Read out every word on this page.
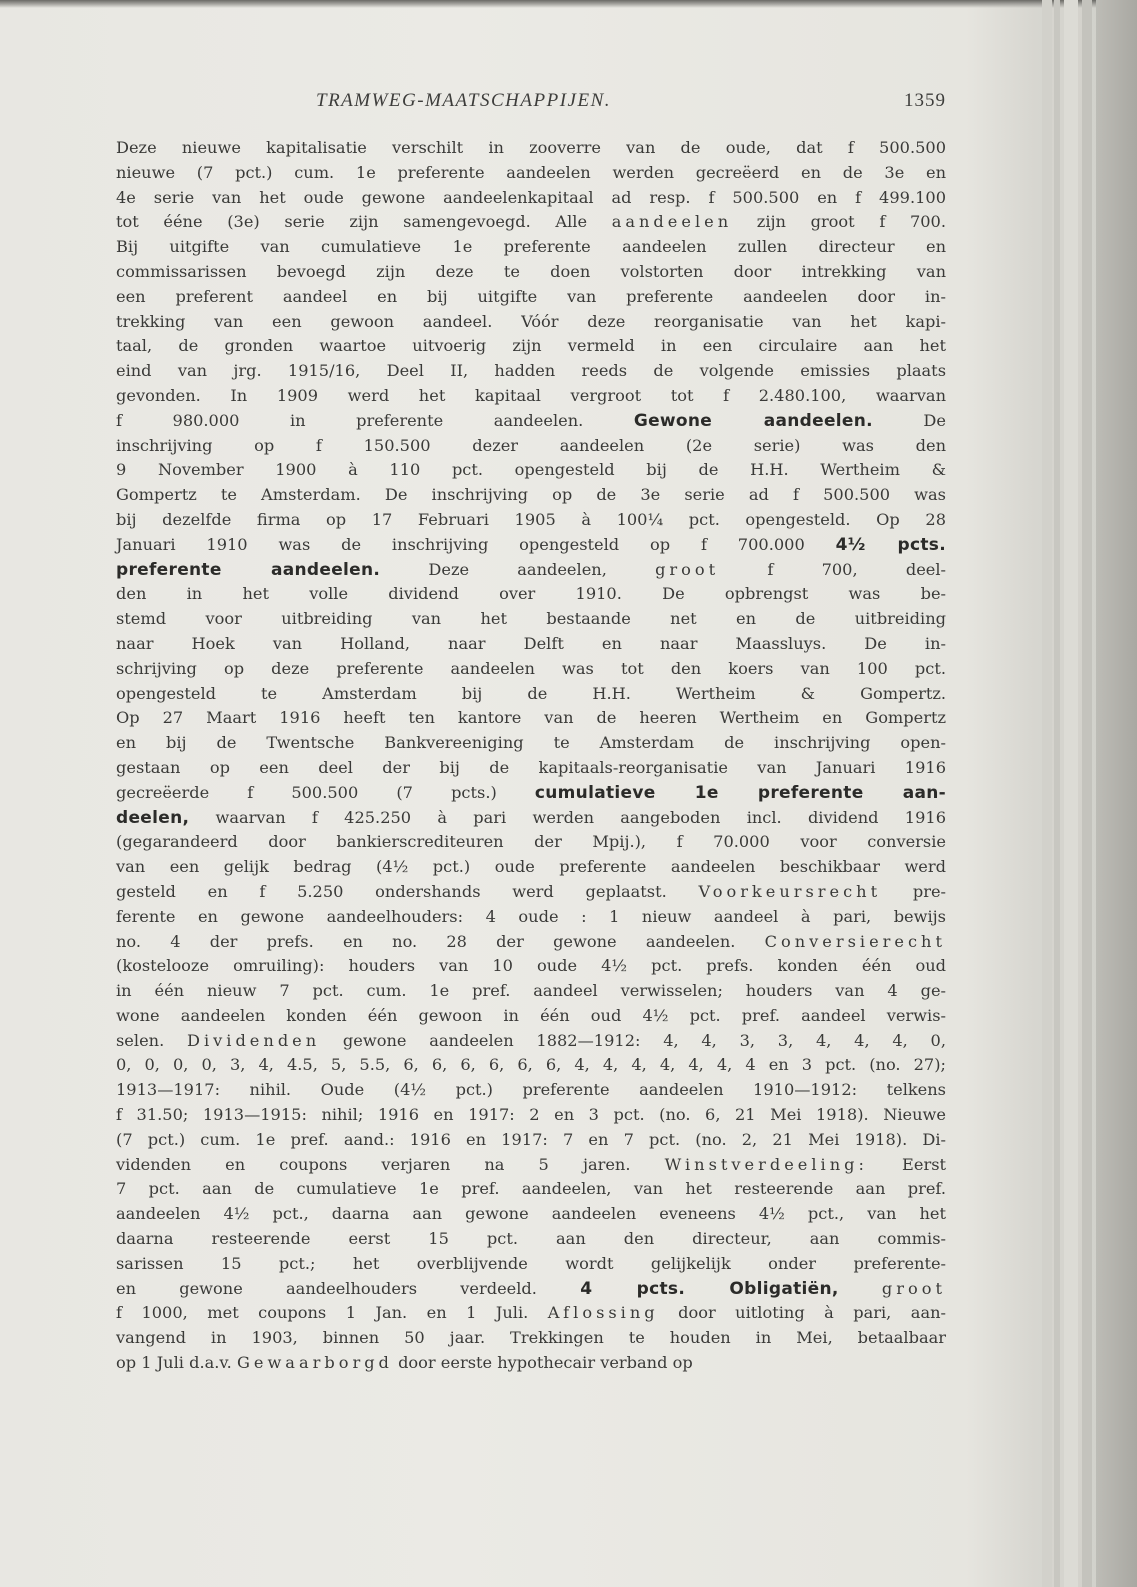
TRAMWEG-MAATSCHAPPIJEN.	1359
Deze nieuwe kapitalisatie verschilt in zooverre van de oude, dat f 500.500
nieuwe (7 pct.) cum. 1e preferente aandeelen werden gecreëerd en de 3e en
4e serie van het oude gewone aandeelenkapitaal ad resp. f 500.500 en f 499.100
tot ééne (3e) serie zijn samengevoegd. Alle aandeelen zijn groot f 700.
Bij uitgifte van cumulatieve 1e preferente aandeelen zullen directeur en
commissarissen bevoegd zijn deze te doen volstorten door intrekking van
een preferent aandeel en bij uitgifte van preferente aandeelen door in-
trekking van een gewoon aandeel. Vóór deze reorganisatie van het kapi-
taal, de gronden waartoe uitvoerig zijn vermeld in een circulaire aan het
eind van jrg. 1915/16, Deel II, hadden reeds de volgende emissies plaats
gevonden. In 1909 werd het kapitaal vergroot tot f 2.480.100, waarvan
f 980.000 in preferente aandeelen. Gewone aandeelen. De
inschrijving op f 150.500 dezer aandeelen (2e serie) was den
9 November 1900 à 110 pct. opengesteld bij de H.H. Wertheim &
Gompertz te Amsterdam. De inschrijving op de 3e serie ad f 500.500 was
bij dezelfde firma op 17 Februari 1905 à 100¼ pct. opengesteld. Op 28
Januari 1910 was de inschrijving opengesteld op f 700.000 4½ pcts.
preferente aandeelen. Deze aandeelen, groot f 700, deel-
den in het volle dividend over 1910. De opbrengst was be-
stemd voor uitbreiding van het bestaande net en de uitbreiding
naar Hoek van Holland, naar Delft en naar Maassluys. De in-
schrijving op deze preferente aandeelen was tot den koers van 100 pct.
opengesteld te Amsterdam bij de H.H. Wertheim & Gompertz.
Op 27 Maart 1916 heeft ten kantore van de heeren Wertheim en Gompertz
en bij de Twentsche Bankvereeniging te Amsterdam de inschrijving open-
gestaan op een deel der bij de kapitaals-reorganisatie van Januari 1916
gecreëerde f 500.500 (7 pcts.) cumulatieve 1e preferente aan-
deelen, waarvan f 425.250 à pari werden aangeboden incl. dividend 1916
(gegarandeerd door bankierscrediteuren der Mpij.), f 70.000 voor conversie
van een gelijk bedrag (4½ pct.) oude preferente aandeelen beschikbaar werd
gesteld en f 5.250 ondershands werd geplaatst. Voorkeursrecht pre-
ferente en gewone aandeelhouders: 4 oude : 1 nieuw aandeel à pari, bewijs
no. 4 der prefs. en no. 28 der gewone aandeelen. Conversierecht
(kostelooze omruiling): houders van 10 oude 4½ pct. prefs. konden één oud
in één nieuw 7 pct. cum. 1e pref. aandeel verwisselen; houders van 4 ge-
wone aandeelen konden één gewoon in één oud 4½ pct. pref. aandeel verwis-
selen. Dividenden gewone aandeelen 1882—1912: 4, 4, 3, 3, 4, 4, 4, 0,
0, 0, 0, 0, 3, 4, 4.5, 5, 5.5, 6, 6, 6, 6, 6, 6, 4, 4, 4, 4, 4, 4, 4 en 3 pct. (no. 27);
1913—1917: nihil. Oude (4½ pct.) preferente aandeelen 1910—1912: telkens
f 31.50; 1913—1915: nihil; 1916 en 1917: 2 en 3 pct. (no. 6, 21 Mei 1918). Nieuwe
(7 pct.) cum. 1e pref. aand.: 1916 en 1917: 7 en 7 pct. (no. 2, 21 Mei 1918). Di-
videnden en coupons verjaren na 5 jaren. Winstverdeeling: Eerst
7 pct. aan de cumulatieve 1e pref. aandeelen, van het resteerende aan pref.
aandeelen 4½ pct., daarna aan gewone aandeelen eveneens 4½ pct., van het
daarna resteerende eerst 15 pct. aan den directeur, aan commis-
sarissen 15 pct.; het overblijvende wordt gelijkelijk onder preferente-
en gewone aandeelhouders verdeeld. 4 pcts. Obligatiën,	groot
f 1000, met coupons 1 Jan. en 1 Juli. Aflossing door uitloting à pari, aan-
vangend in 1903, binnen 50 jaar. Trekkingen te houden in Mei, betaalbaar
op 1 Juli d.a.v. Gewaarborgd door eerste hypothecair verband op
